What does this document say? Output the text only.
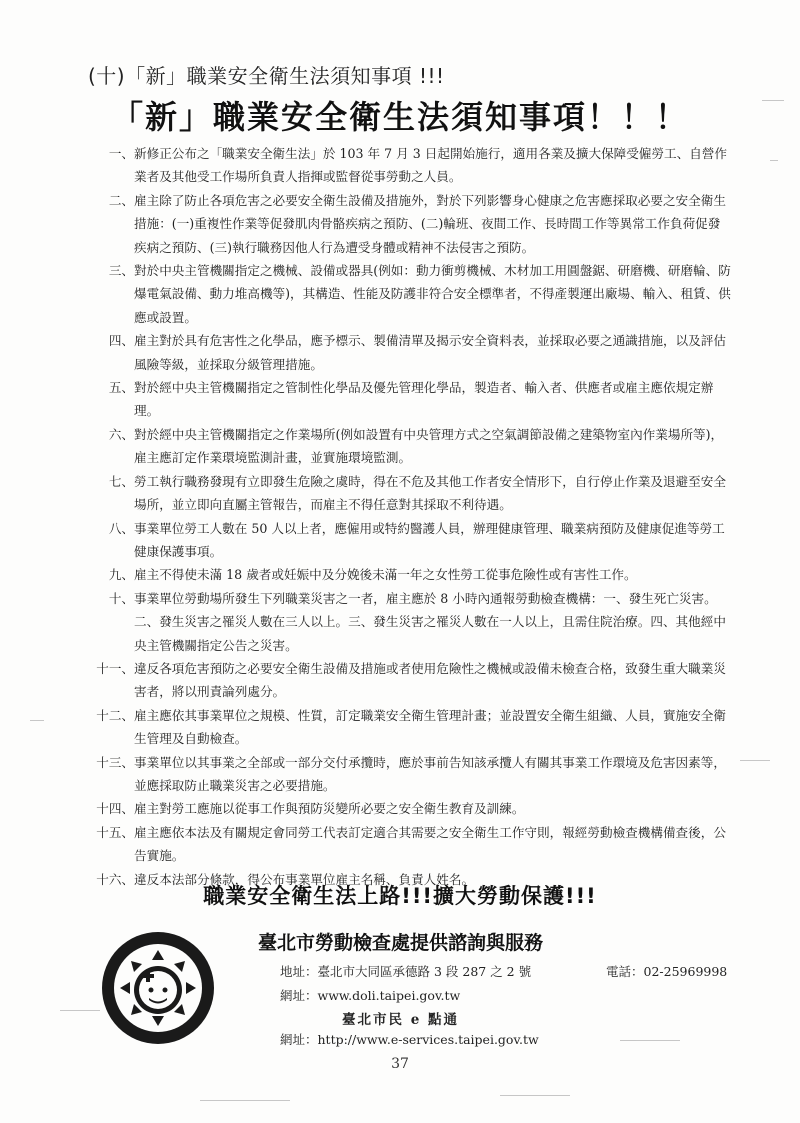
(十)「新」職業安全衛生法須知事項 !!!
「新」職業安全衛生法須知事項！！！
一、 新修正公布之「職業安全衛生法」於 103 年 7 月 3 日起開始施行，適用各業及擴大保障受僱勞工、自營作業者及其他受工作場所負責人指揮或監督從事勞動之人員。
二、 雇主除了防止各項危害之必要安全衛生設備及措施外，對於下列影響身心健康之危害應採取必要之安全衛生措施：(一)重複性作業等促發肌肉骨骼疾病之預防、(二)輪班、夜間工作、長時間工作等異常工作負荷促發疾病之預防、(三)執行職務因他人行為遭受身體或精神不法侵害之預防。
三、 對於中央主管機關指定之機械、設備或器具(例如：動力衝剪機械、木材加工用圓盤鋸、研磨機、研磨輪、防爆電氣設備、動力堆高機等)，其構造、性能及防護非符合安全標準者，不得產製運出廠場、輸入、租賃、供應或設置。
四、 雇主對於具有危害性之化學品，應予標示、製備清單及揭示安全資料表，並採取必要之通識措施，以及評估風險等級，並採取分級管理措施。
五、 對於經中央主管機關指定之管制性化學品及優先管理化學品，製造者、輸入者、供應者或雇主應依規定辦理。
六、 對於經中央主管機關指定之作業場所(例如設置有中央管理方式之空氣調節設備之建築物室內作業場所等)，雇主應訂定作業環境監測計畫，並實施環境監測。
七、 勞工執行職務發現有立即發生危險之虞時，得在不危及其他工作者安全情形下，自行停止作業及退避至安全場所，並立即向直屬主管報告，而雇主不得任意對其採取不利待遇。
八、 事業單位勞工人數在 50 人以上者，應僱用或特約醫護人員，辦理健康管理、職業病預防及健康促進等勞工健康保護事項。
九、 雇主不得使未滿 18 歲者或妊娠中及分娩後未滿一年之女性勞工從事危險性或有害性工作。
十、 事業單位勞動場所發生下列職業災害之一者，雇主應於 8 小時內通報勞動檢查機構：一、發生死亡災害。二、發生災害之罹災人數在三人以上。三、發生災害之罹災人數在一人以上，且需住院治療。四、其他經中央主管機關指定公告之災害。
十一、 違反各項危害預防之必要安全衛生設備及措施或者使用危險性之機械或設備未檢查合格，致發生重大職業災害者，將以刑責論列處分。
十二、 雇主應依其事業單位之規模、性質，訂定職業安全衛生管理計畫；並設置安全衛生組織、人員，實施安全衛生管理及自動檢查。
十三、 事業單位以其事業之全部或一部分交付承攬時，應於事前告知該承攬人有關其事業工作環境及危害因素等，並應採取防止職業災害之必要措施。
十四、 雇主對勞工應施以從事工作與預防災變所必要之安全衛生教育及訓練。
十五、 雇主應依本法及有關規定會同勞工代表訂定適合其需要之安全衛生工作守則，報經勞動檢查機構備查後，公告實施。
十六、 違反本法部分條款，得公布事業單位雇主名稱、負責人姓名。
職業安全衛生法上路!!!擴大勞動保護!!!
臺北市勞動檢查處提供諮詢與服務
地址：臺北市大同區承德路 3 段 287 之 2 號	電話：02-25969998
網址：www.doli.taipei.gov.tw
臺北市民 e 點通
網址：http://www.e-services.taipei.gov.tw
37
